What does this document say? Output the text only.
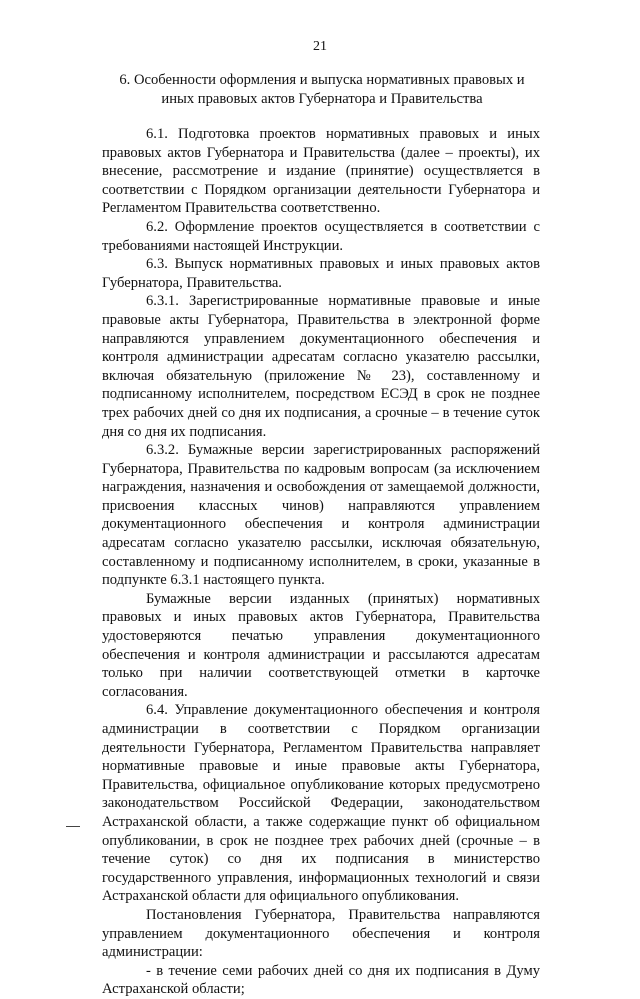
21
6. Особенности оформления и выпуска нормативных правовых и иных правовых актов Губернатора и Правительства

6.1. Подготовка проектов нормативных правовых и иных правовых актов Губернатора и Правительства (далее – проекты), их внесение, рассмотрение и издание (принятие) осуществляется в соответствии с Порядком организации деятельности Губернатора и Регламентом Правительства соответственно.

6.2. Оформление проектов осуществляется в соответствии с требованиями настоящей Инструкции.

6.3. Выпуск нормативных правовых и иных правовых актов Губернатора, Правительства.

6.3.1. Зарегистрированные нормативные правовые и иные правовые акты Губернатора, Правительства в электронной форме направляются управлением документационного обеспечения и контроля администрации адресатам согласно указателю рассылки, включая обязательную (приложение № 23), составленному и подписанному исполнителем, посредством ЕСЭД в срок не позднее трех рабочих дней со дня их подписания, а срочные – в течение суток дня со дня их подписания.

6.3.2. Бумажные версии зарегистрированных распоряжений Губернатора, Правительства по кадровым вопросам (за исключением награждения, назначения и освобождения от замещаемой должности, присвоения классных чинов) направляются управлением документационного обеспечения и контроля администрации адресатам согласно указателю рассылки, исключая обязательную, составленному и подписанному исполнителем, в сроки, указанные в подпункте 6.3.1 настоящего пункта.

Бумажные версии изданных (принятых) нормативных правовых и иных правовых актов Губернатора, Правительства удостоверяются печатью управления документационного обеспечения и контроля администрации и рассылаются адресатам только при наличии соответствующей отметки в карточке согласования.

6.4. Управление документационного обеспечения и контроля администрации в соответствии с Порядком организации деятельности Губернатора, Регламентом Правительства направляет нормативные правовые и иные правовые акты Губернатора, Правительства, официальное опубликование которых предусмотрено законодательством Российской Федерации, законодательством Астраханской области, а также содержащие пункт об официальном опубликовании, в срок не позднее трех рабочих дней (срочные – в течение суток) со дня их подписания в министерство государственного управления, информационных технологий и связи Астраханской области для официального опубликования.

Постановления Губернатора, Правительства направляются управлением документационного обеспечения и контроля администрации:

- в течение семи рабочих дней со дня их подписания в Думу Астраханской области;
